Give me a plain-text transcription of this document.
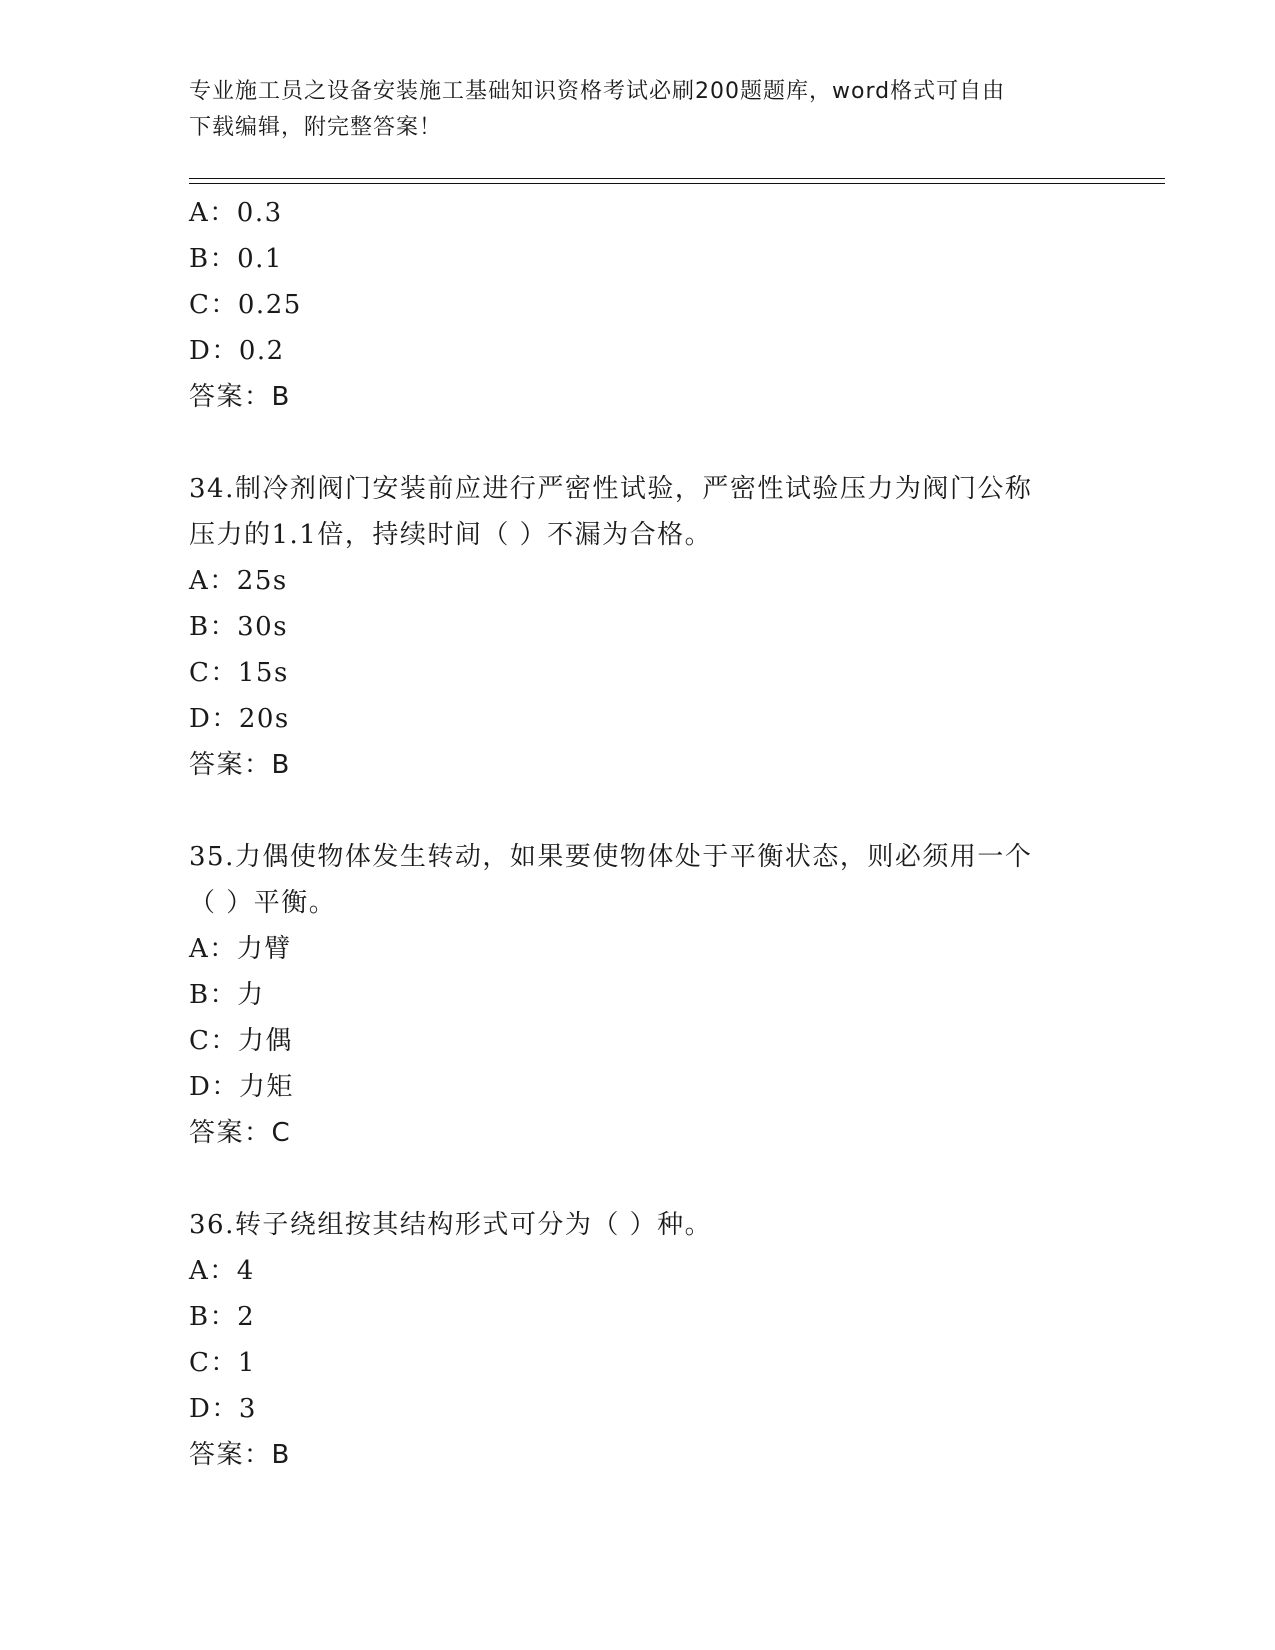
专业施工员之设备安装施工基础知识资格考试必刷200题题库，word格式可自由
下载编辑，附完整答案！
A：0.3
B：0.1
C：0.25
D：0.2
答案：B
34.制冷剂阀门安装前应进行严密性试验，严密性试验压力为阀门公称
压力的1.1倍，持续时间（ ）不漏为合格。
A：25s
B：30s
C：15s
D：20s
答案：B
35.力偶使物体发生转动，如果要使物体处于平衡状态，则必须用一个
（ ）平衡。
A：力臂
B：力
C：力偶
D：力矩
答案：C
36.转子绕组按其结构形式可分为（ ）种。
A：4
B：2
C：1
D：3
答案：B
